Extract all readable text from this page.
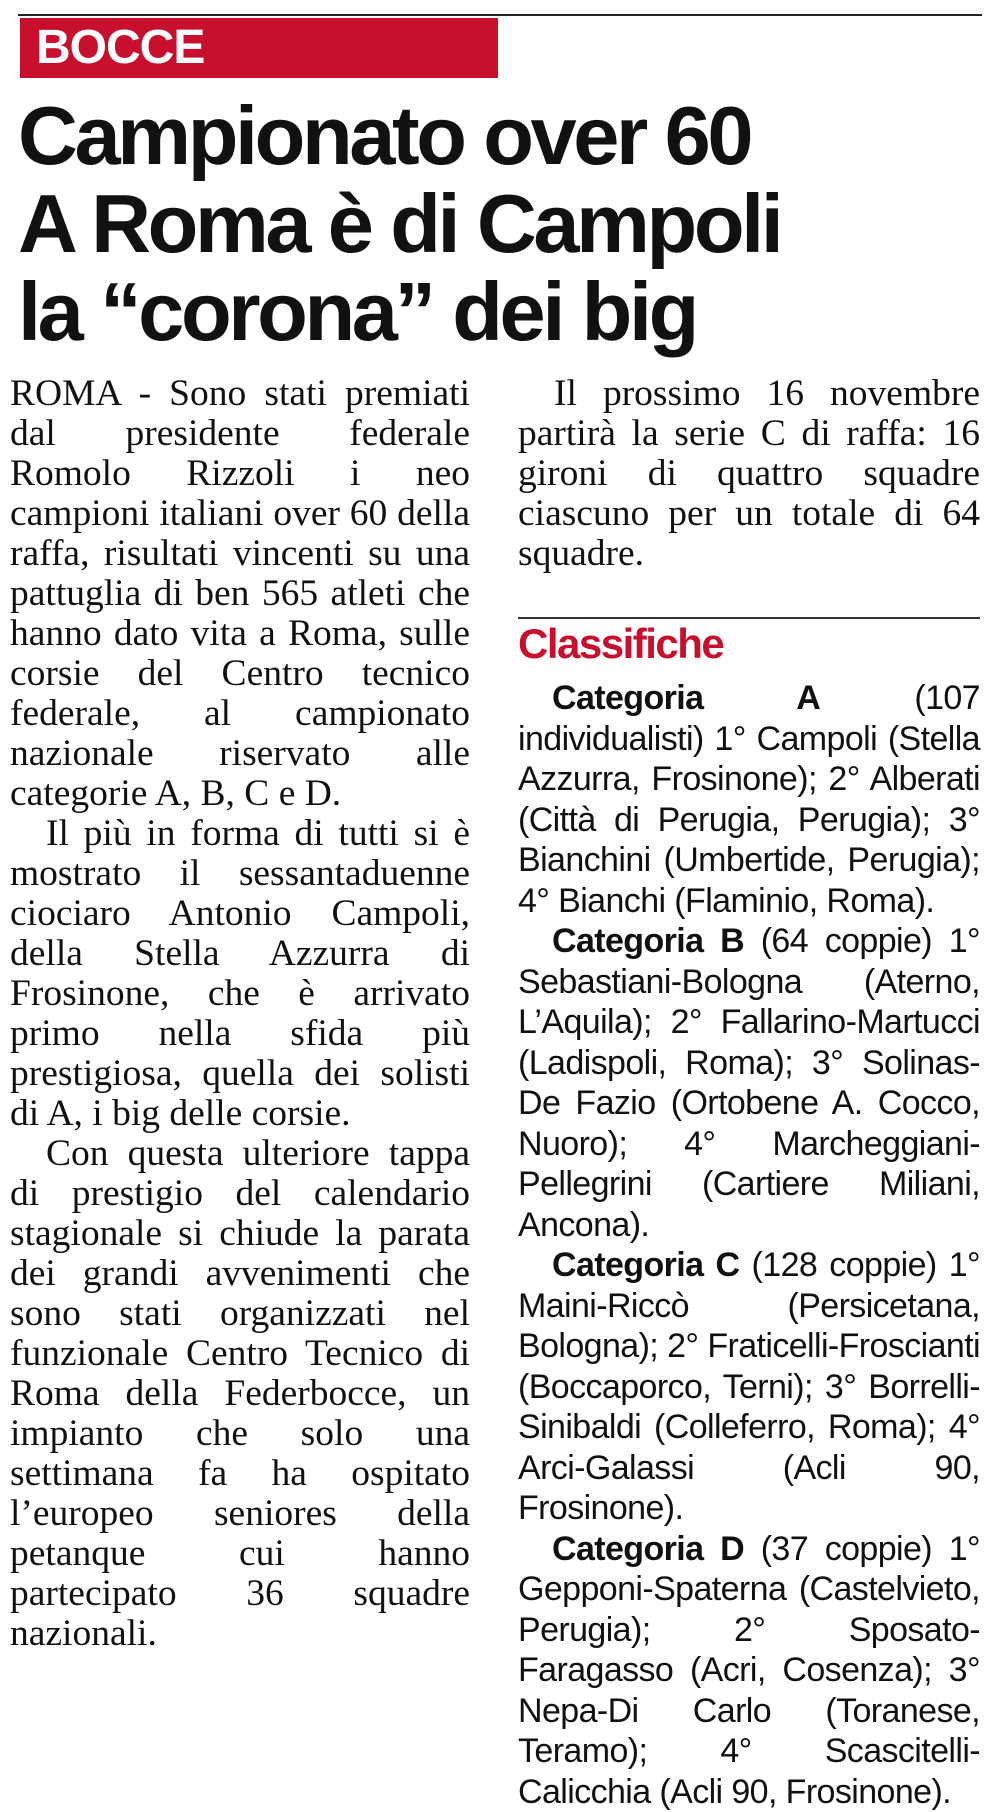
BOCCE
Campionato over 60
A Roma è di Campoli
la “corona” dei big

ROMA - Sono stati premiati dal presidente federale Romolo Rizzoli i neo campioni italiani over 60 della raffa, risultati vincenti su una pattuglia di ben 565 atleti che hanno dato vita a Roma, sulle corsie del Centro tecnico federale, al campionato nazionale riservato alle categorie A, B, C e D.

Il più in forma di tutti si è mostrato il sessantaduenne ciociaro Antonio Campoli, della Stella Azzurra di Frosinone, che è arrivato primo nella sfida più prestigiosa, quella dei solisti di A, i big delle corsie.

Con questa ulteriore tappa di prestigio del calendario stagionale si chiude la parata dei grandi avvenimenti che sono stati organizzati nel funzionale Centro Tecnico di Roma della Federbocce, un impianto che solo una settimana fa ha ospitato l’europeo seniores della petanque cui hanno partecipato 36 squadre nazionali.

Il prossimo 16 novembre partirà la serie C di raffa: 16 gironi di quattro squadre ciascuno per un totale di 64 squadre.

Classifiche

Categoria A (107 individualisti) 1° Campoli (Stella Azzurra, Frosinone); 2° Alberati (Città di Perugia, Perugia); 3° Bianchini (Umbertide, Perugia); 4° Bianchi (Flaminio, Roma).

Categoria B (64 coppie) 1° Sebastiani-Bologna (Aterno, L’Aquila); 2° Fallarino-Martucci (Ladispoli, Roma); 3° Solinas-De Fazio (Ortobene A. Cocco, Nuoro); 4° Marcheggiani-Pellegrini (Cartiere Miliani, Ancona).

Categoria C (128 coppie) 1° Maini-Riccò (Persicetana, Bologna); 2° Fraticelli-Froscianti (Boccaporco, Terni); 3° Borrelli-Sinibaldi (Colleferro, Roma); 4° Arci-Galassi (Acli 90, Frosinone).

Categoria D (37 coppie) 1° Gepponi-Spaterna (Castelvieto, Perugia); 2° Sposato-Faragasso (Acri, Cosenza); 3° Nepa-Di Carlo (Toranese, Teramo); 4° Scascitelli-Calicchia (Acli 90, Frosinone).
